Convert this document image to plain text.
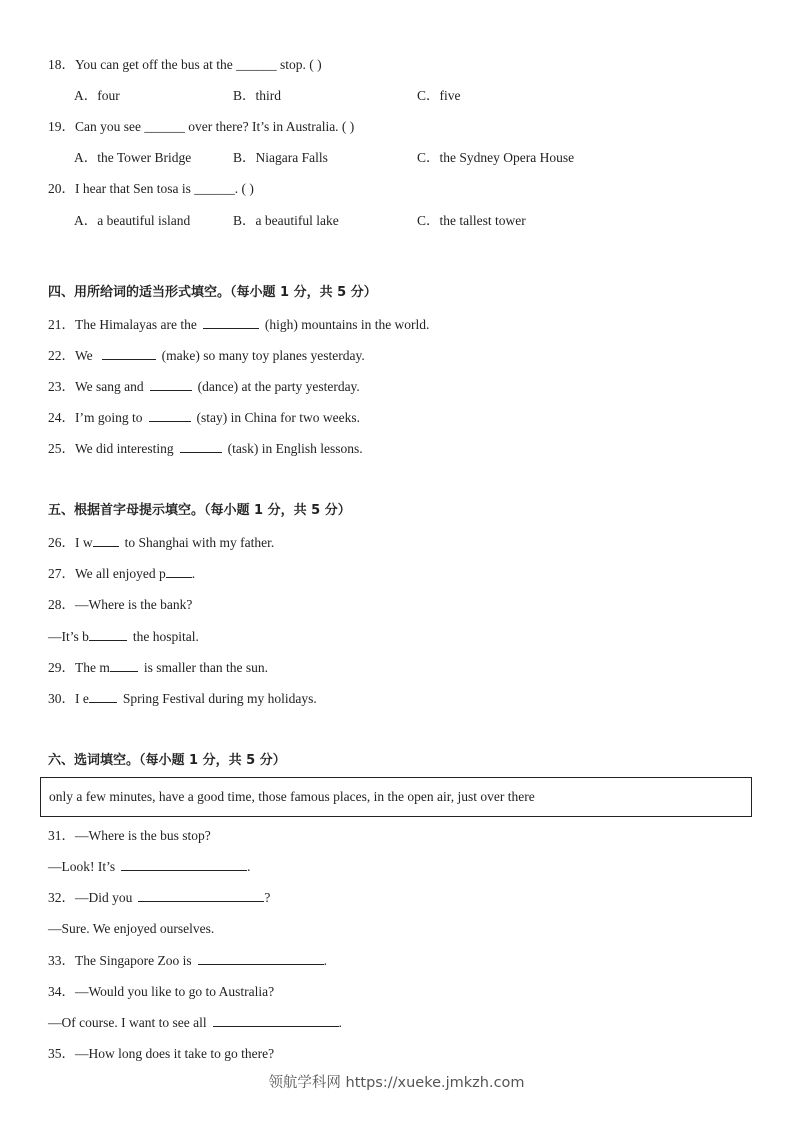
18．You can get off the bus at the ______ stop. ( )
A．four	B．third	C．five
19．Can you see ______ over there? It’s in Australia. ( )
A．the Tower Bridge	B．Niagara Falls	C．the Sydney Opera House
20．I hear that Sen tosa is ______. ( )
A．a beautiful island	B．a beautiful lake	C．the tallest tower
四、用所给词的适当形式填空。（每小题 1 分，共 5 分）
21．The Himalayas are the	(high) mountains in the world.
22．We	(make) so many toy planes yesterday.
23．We sang and	(dance) at the party yesterday.
24．I’m going to	(stay) in China for two weeks.
25．We did interesting	(task) in English lessons.
五、根据首字母提示填空。（每小题 1 分，共 5 分）
26．I w to Shanghai with my father.
27．We all enjoyed p .
28．—Where is the bank?
—It’s b	the hospital.
29．The m	is smaller than the sun.
30．I e	Spring Festival during my holidays.
六、选词填空。（每小题 1 分，共 5 分）
only a few minutes, have a good time, those famous places, in the open air, just over there
31．—Where is the bus stop?
—Look! It’s	.
32．—Did you	?
—Sure. We enjoyed ourselves.
33．The Singapore Zoo is	.
34．—Would you like to go to Australia?
—Of course. I want to see all	.
35．—How long does it take to go there?
领航学科网 https://xueke.jmkzh.com
